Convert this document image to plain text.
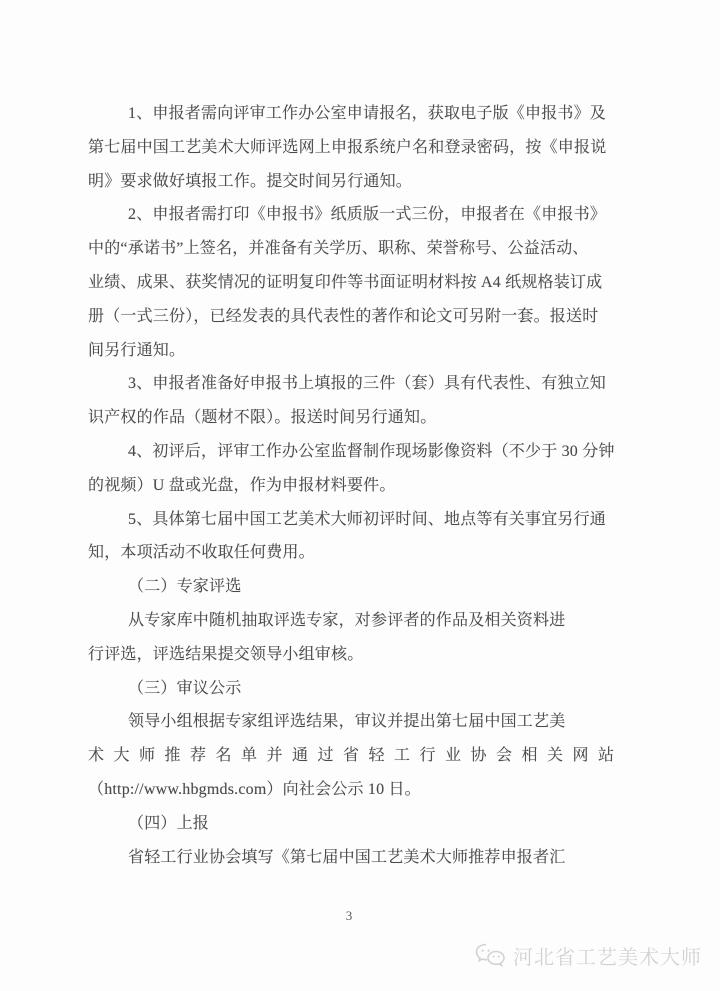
1、申报者需向评审工作办公室申请报名，获取电子版《申报书》及
第七届中国工艺美术大师评选网上申报系统户名和登录密码，按《申报说
明》要求做好填报工作。提交时间另行通知。
2、申报者需打印《申报书》纸质版一式三份，申报者在《申报书》
中的“承诺书”上签名，并准备有关学历、职称、荣誉称号、公益活动、
业绩、成果、获奖情况的证明复印件等书面证明材料按 A4 纸规格装订成
册（一式三份），已经发表的具代表性的著作和论文可另附一套。报送时
间另行通知。
3、申报者准备好申报书上填报的三件（套）具有代表性、有独立知
识产权的作品（题材不限）。报送时间另行通知。
4、初评后，评审工作办公室监督制作现场影像资料（不少于 30 分钟
的视频）U 盘或光盘，作为申报材料要件。
5、具体第七届中国工艺美术大师初评时间、地点等有关事宜另行通
知，本项活动不收取任何费用。
（二）专家评选
从专家库中随机抽取评选专家，对参评者的作品及相关资料进
行评选，评选结果提交领导小组审核。
（三）审议公示
领导小组根据专家组评选结果，审议并提出第七届中国工艺美
术大师推荐名单并通过省轻工行业协会相关网站
（http://www.hbgmds.com）向社会公示 10 日。
（四）上报
省轻工行业协会填写《第七届中国工艺美术大师推荐申报者汇
3
河北省工艺美术大师
